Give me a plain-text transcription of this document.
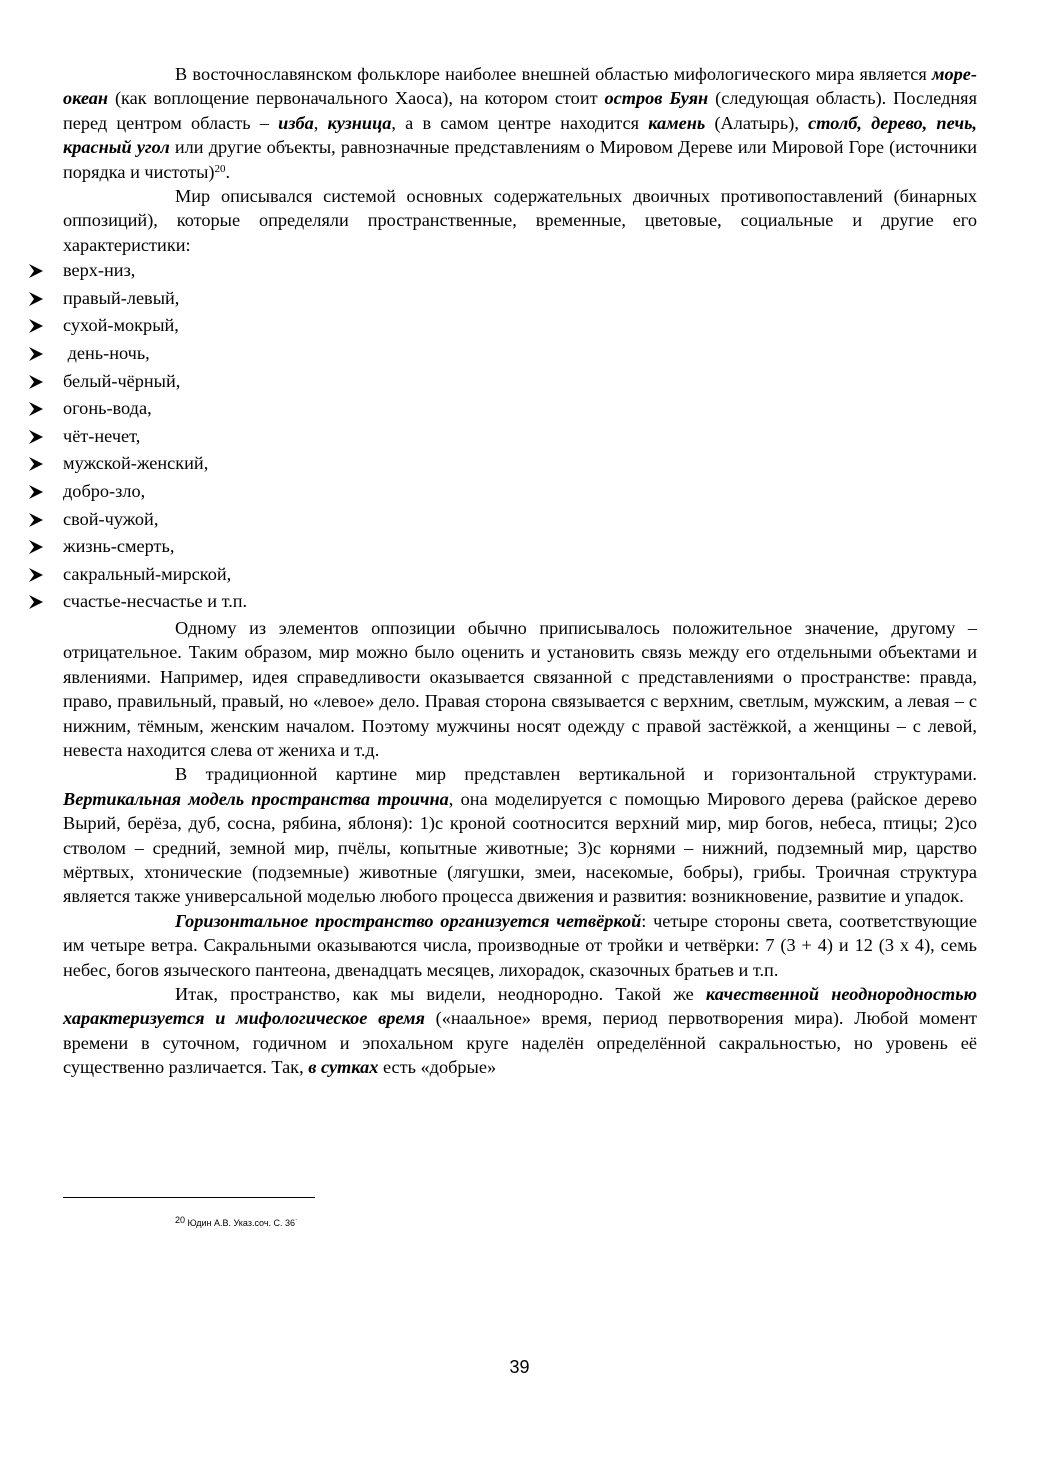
В восточнославянском фольклоре наиболее внешней областью мифологического мира является море-океан (как воплощение первоначального Хаоса), на котором стоит остров Буян (следующая область). Последняя перед центром область – изба, кузница, а в самом центре находится камень (Алатырь), столб, дерево, печь, красный угол или другие объекты, равнозначные представлениям о Мировом Дереве или Мировой Горе (источники порядка и чистоты)$^{20}$.

Мир описывался системой основных содержательных двоичных противопоставлений (бинарных оппозиций), которые определяли пространственные, временные, цветовые, социальные и другие его характеристики:

верх-низ,
правый-левый,
сухой-мокрый,
день-ночь,
белый-чёрный,
огонь-вода,
чёт-нечет,
мужской-женский,
добро-зло,
свой-чужой,
жизнь-смерть,
сакральный-мирской,
счастье-несчастье и т.п.

Одному из элементов оппозиции обычно приписывалось положительное значение, другому – отрицательное. Таким образом, мир можно было оценить и установить связь между его отдельными объектами и явлениями. Например, идея справедливости оказывается связанной с представлениями о пространстве: правда, право, правильный, правый, но «левое» дело. Правая сторона связывается с верхним, светлым, мужским, а левая – с нижним, тёмным, женским началом. Поэтому мужчины носят одежду с правой застёжкой, а женщины – с левой, невеста находится слева от жениха и т.д.

В традиционной картине мир представлен вертикальной и горизонтальной структурами. Вертикальная модель пространства троична, она моделируется с помощью Мирового дерева (райское дерево Вырий, берёза, дуб, сосна, рябина, яблоня): 1)с кроной соотносится верхний мир, мир богов, небеса, птицы; 2)со стволом – средний, земной мир, пчёлы, копытные животные; 3)с корнями – нижний, подземный мир, царство мёртвых, хтонические (подземные) животные (лягушки, змеи, насекомые, бобры), грибы. Троичная структура является также универсальной моделью любого процесса движения и развития: возникновение, развитие и упадок.

Горизонтальное пространство организуется четвёркой: четыре стороны света, соответствующие им четыре ветра. Сакральными оказываются числа, производные от тройки и четвёрки: 7 (3 + 4) и 12 (3 х 4), семь небес, богов языческого пантеона, двенадцать месяцев, лихорадок, сказочных братьев и т.п.

Итак, пространство, как мы видели, неоднородно. Такой же качественной неоднородностью характеризуется и мифологическое время («наальное» время, период первотворения мира). Любой момент времени в суточном, годичном и эпохальном круге наделён определённой сакральностью, но уровень её существенно различается. Так, в сутках есть «добрые»

$^{20}$ Юдин А.В. Указ.соч. С. 36˙
39
